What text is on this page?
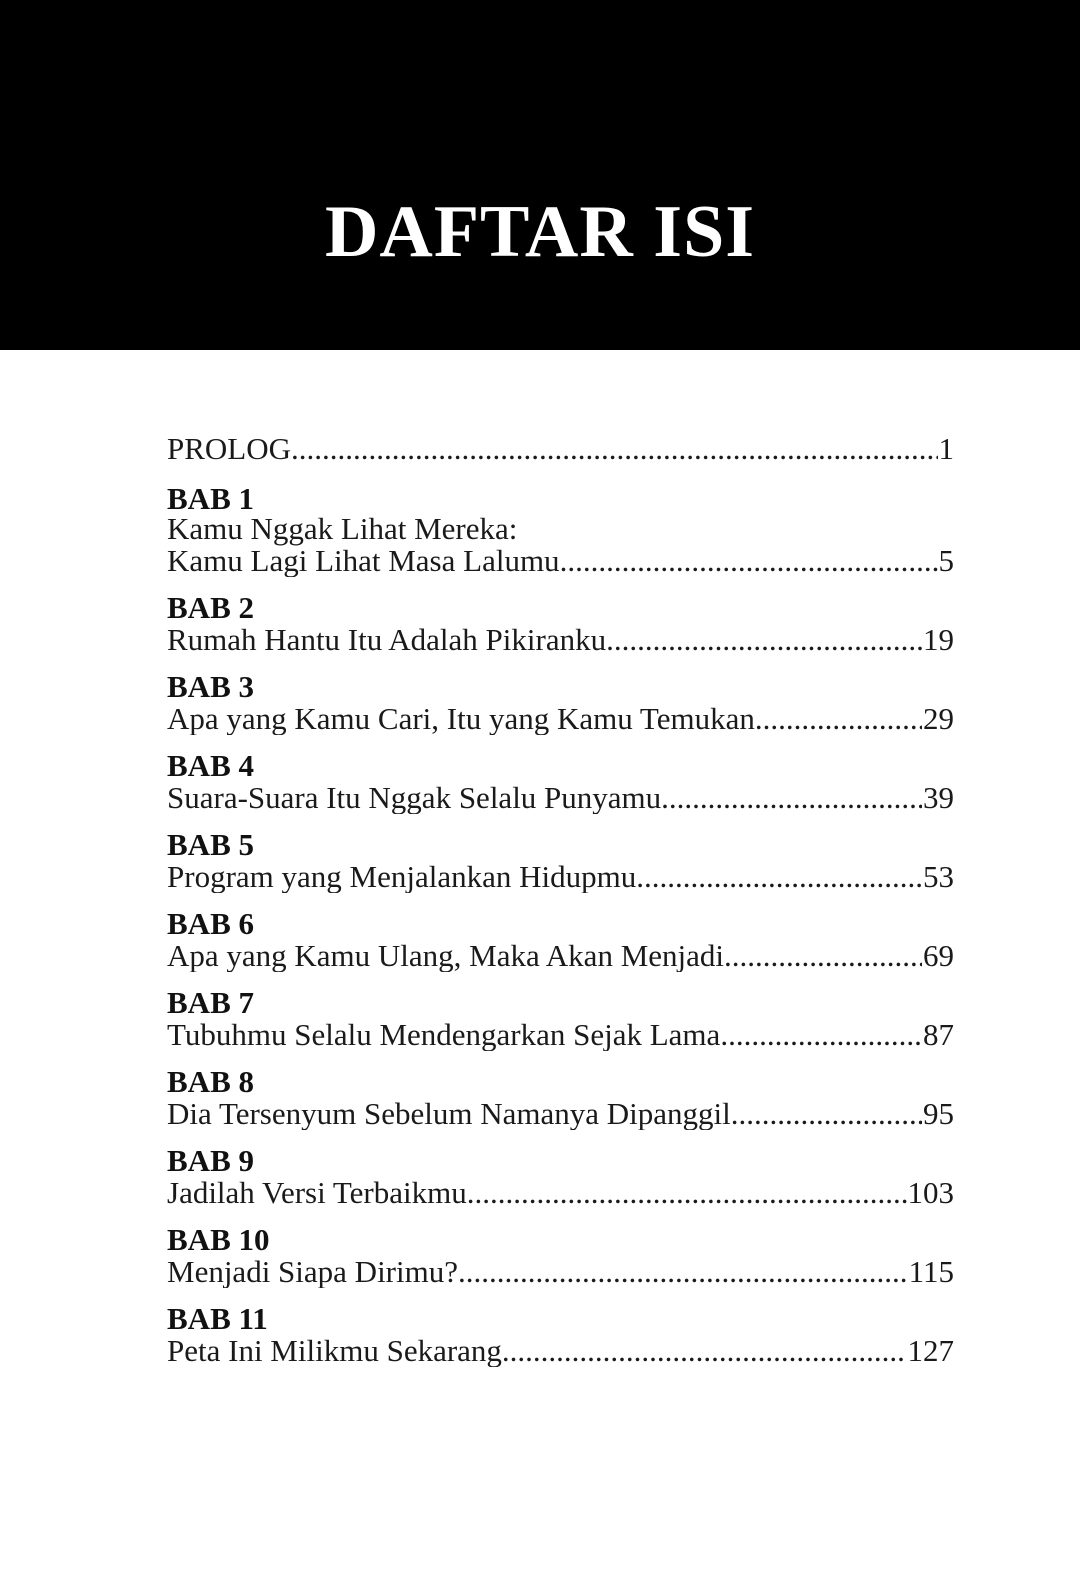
DAFTAR ISI
PROLOG .....	1
BAB 1
Kamu Nggak Lihat Mereka:
Kamu Lagi Lihat Masa Lalumu .....	5
BAB 2
Rumah Hantu Itu Adalah Pikiranku .....	19
BAB 3
Apa yang Kamu Cari, Itu yang Kamu Temukan .....	29
BAB 4
Suara-Suara Itu Nggak Selalu Punyamu .....	39
BAB 5
Program yang Menjalankan Hidupmu .....	53
BAB 6
Apa yang Kamu Ulang, Maka Akan Menjadi .....	69
BAB 7
Tubuhmu Selalu Mendengarkan Sejak Lama .....	87
BAB 8
Dia Tersenyum Sebelum Namanya Dipanggil .....	95
BAB 9
Jadilah Versi Terbaikmu .....	103
BAB 10
Menjadi Siapa Dirimu? .....	115
BAB 11
Peta Ini Milikmu Sekarang .....	127
